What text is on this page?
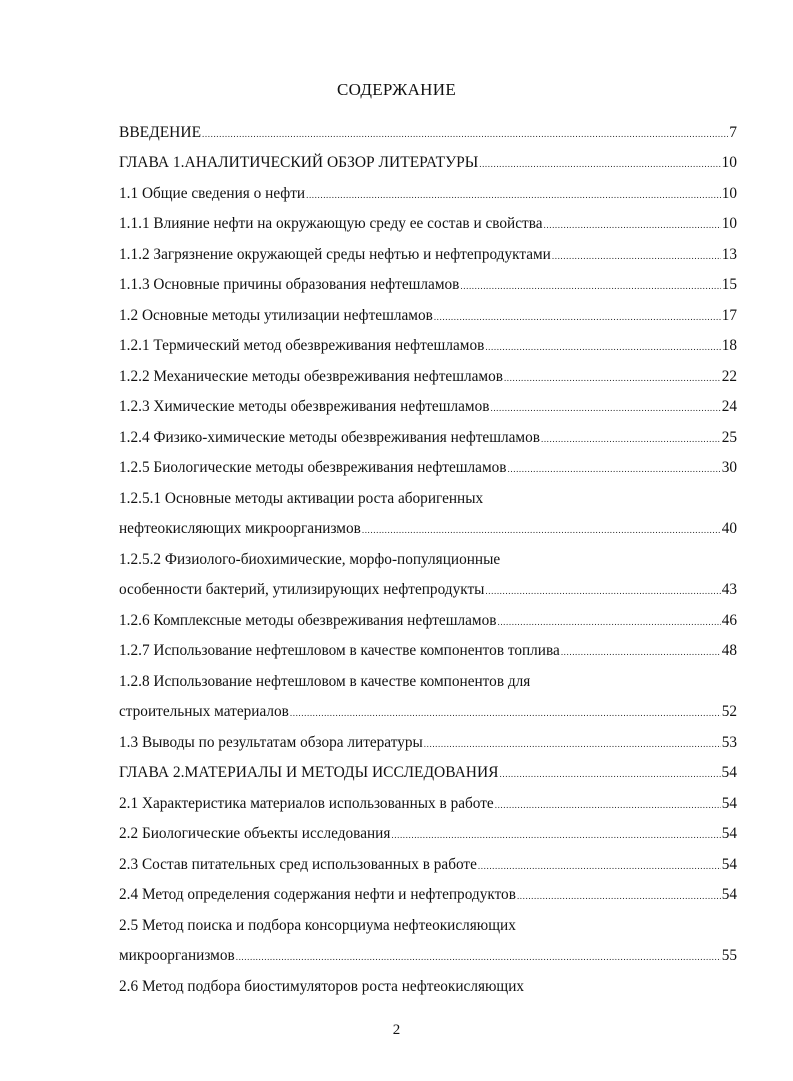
СОДЕРЖАНИЕ
ВВЕДЕНИЕ .....	7
ГЛАВА 1.АНАЛИТИЧЕСКИЙ ОБЗОР ЛИТЕРАТУРЫ .....	10
1.1 Общие сведения о нефти .....	10
1.1.1 Влияние нефти на окружающую среду ее состав и свойства .....	10
1.1.2 Загрязнение окружающей среды нефтью и нефтепродуктами .....	13
1.1.3 Основные причины образования нефтешламов .....	15
1.2 Основные методы утилизации нефтешламов .....	17
1.2.1 Термический метод обезвреживания нефтешламов .....	18
1.2.2 Механические методы обезвреживания нефтешламов .....	22
1.2.3 Химические методы обезвреживания нефтешламов .....	24
1.2.4 Физико-химические методы обезвреживания нефтешламов .....	25
1.2.5 Биологические методы обезвреживания нефтешламов .....	30
1.2.5.1 Основные методы активации роста аборигенных
нефтеокисляющих микроорганизмов .....	40
1.2.5.2 Физиолого-биохимические, морфо-популяционные
особенности бактерий, утилизирующих нефтепродукты .....	43
1.2.6 Комплексные методы обезвреживания нефтешламов .....	46
1.2.7 Использование нефтешловом в качестве компонентов топлива .....	48
1.2.8 Использование нефтешловом в качестве компонентов для
строительных материалов .....	52
1.3 Выводы по результатам обзора литературы .....	53
ГЛАВА 2.МАТЕРИАЛЫ И МЕТОДЫ ИССЛЕДОВАНИЯ .....	54
2.1 Характеристика материалов использованных в работе .....	54
2.2 Биологические объекты исследования .....	54
2.3 Состав питательных сред использованных в работе .....	54
2.4 Метод определения содержания нефти и нефтепродуктов .....	54
2.5 Метод поиска и подбора консорциума нефтеокисляющих
микроорганизмов .....	55
2.6 Метод подбора биостимуляторов роста нефтеокисляющих
2
